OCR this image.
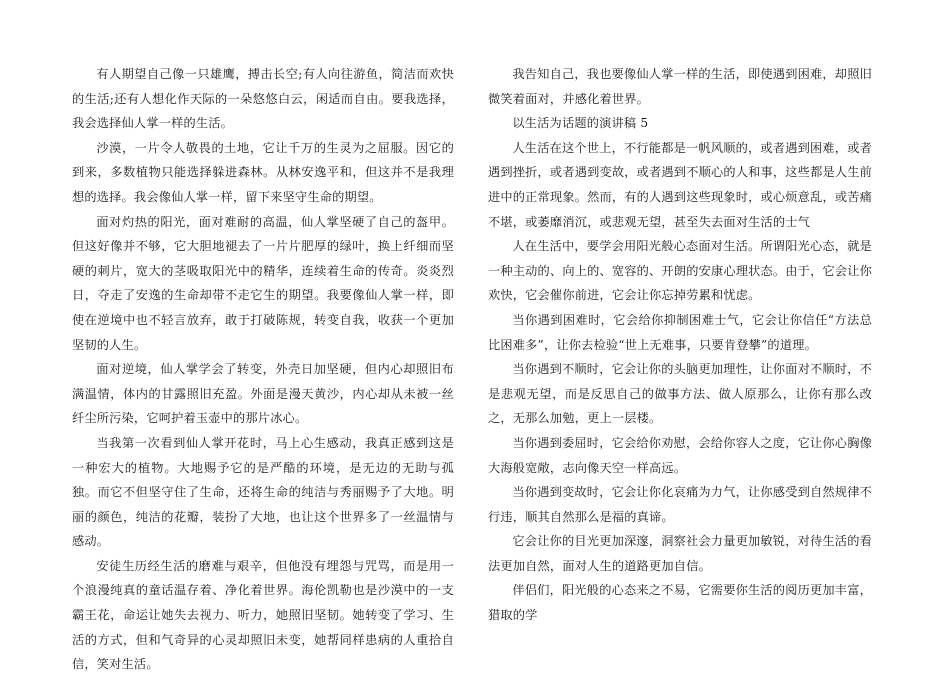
有人期望自己像一只雄鹰，搏击长空;有人向往游鱼，简洁而欢快的生活;还有人想化作天际的一朵悠悠白云，闲适而自由。要我选择，我会选择仙人掌一样的生活。

沙漠，一片令人敬畏的土地，它让千万的生灵为之屈服。因它的到来，多数植物只能选择躲进森林。从林安逸平和，但这并不是我理想的选择。我会像仙人掌一样，留下来坚守生命的期望。

面对灼热的阳光，面对难耐的高温，仙人掌坚硬了自己的盔甲。但这好像并不够，它大胆地褪去了一片片肥厚的绿叶，换上纤细而坚硬的刺片，宽大的茎吸取阳光中的精华，连续着生命的传奇。炎炎烈日，夺走了安逸的生命却带不走它生的期望。我要像仙人掌一样，即使在逆境中也不轻言放弃，敢于打破陈规，转变自我，收获一个更加坚韧的人生。

面对逆境，仙人掌学会了转变，外壳日加坚硬，但内心却照旧布满温情，体内的甘露照旧充盈。外面是漫天黄沙，内心却从未被一丝纤尘所污染，它呵护着玉壶中的那片冰心。

当我第一次看到仙人掌开花时，马上心生感动，我真正感到这是一种宏大的植物。大地赐予它的是严酷的环境，是无边的无助与孤独。而它不但坚守住了生命，还将生命的纯洁与秀丽赐予了大地。明丽的颜色，纯洁的花瓣，装扮了大地，也让这个世界多了一丝温情与感动。

安徒生历经生活的磨难与艰辛，但他没有埋怨与咒骂，而是用一个浪漫纯真的童话温存着、净化着世界。海伦凯勒也是沙漠中的一支霸王花，命运让她失去视力、听力，她照旧坚韧。她转变了学习、生活的方式，但和气奇异的心灵却照旧未变，她帮同样患病的人重拾自信，笑对生活。

我告知自己，我也要像仙人掌一样的生活，即使遇到困难，却照旧微笑着面对，并感化着世界。

以生活为话题的演讲稿 5

人生活在这个世上，不行能都是一帆风顺的，或者遇到困难，或者遇到挫折，或者遇到变故，或者遇到不顺心的人和事，这些都是人生前进中的正常现象。然而，有的人遇到这些现象时，或心烦意乱，或苦痛不堪，或萎靡消沉，或悲观无望，甚至失去面对生活的士气

人在生活中，要学会用阳光般心态面对生活。所谓阳光心态，就是一种主动的、向上的、宽容的、开朗的安康心理状态。由于，它会让你欢快，它会催你前进，它会让你忘掉劳累和忧虑。

当你遇到困难时，它会给你抑制困难士气，它会让你信任“方法总比困难多”，让你去检验“世上无难事，只要肯登攀”的道理。

当你遇到不顺时，它会让你的头脑更加理性，让你面对不顺时，不是悲观无望，而是反思自己的做事方法、做人原那么，让你有那么改之，无那么加勉，更上一层楼。

当你遇到委屈时，它会给你劝慰，会给你容人之度，它让你心胸像大海般宽敞，志向像天空一样高远。

当你遇到变故时，它会让你化哀痛为力气，让你感受到自然规律不行违，顺其自然那么是福的真谛。

它会让你的目光更加深邃，洞察社会力量更加敏锐，对待生活的看法更加自然，面对人生的道路更加自信。

伴侣们，阳光般的心态来之不易，它需要你生活的阅历更加丰富，猎取的学
